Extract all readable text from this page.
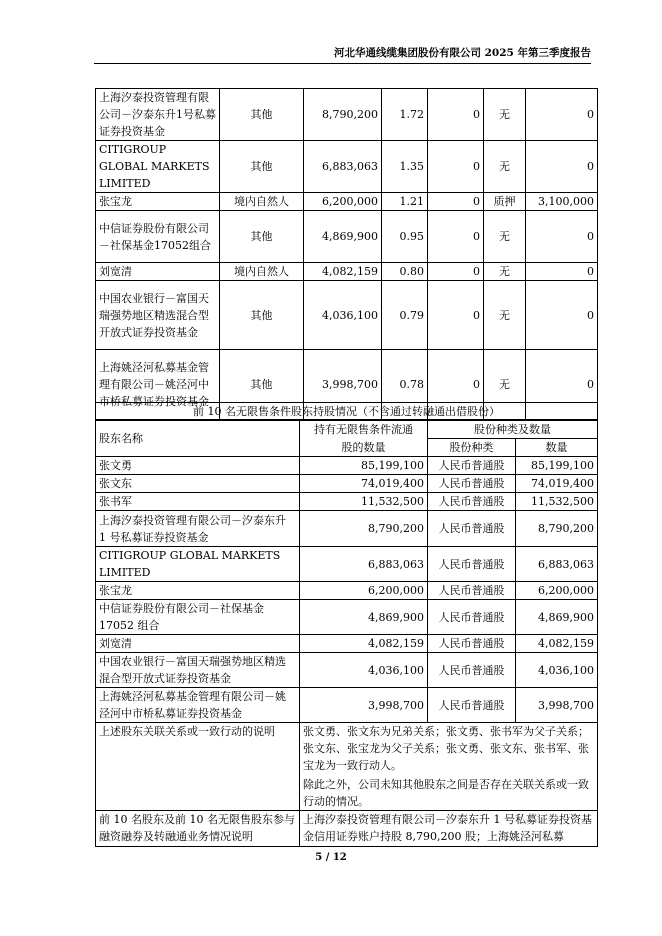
河北华通线缆集团股份有限公司 2025 年第三季度报告
上海汐泰投资管理有限公司－汐泰东升1号私募证券投资基金	其他	8,790,200	1.72	0	无	0
CITIGROUP GLOBAL MARKETS LIMITED	其他	6,883,063	1.35	0	无	0
张宝龙	境内自然人	6,200,000	1.21	0	质押	3,100,000
中信证券股份有限公司－社保基金17052组合	其他	4,869,900	0.95	0	无	0
刘宽清	境内自然人	4,082,159	0.80	0	无	0
中国农业银行－富国天瑞强势地区精选混合型开放式证券投资基金	其他	4,036,100	0.79	0	无	0
上海姚泾河私募基金管理有限公司－姚泾河中市桥私募证券投资基金	其他	3,998,700	0.78	0	无	0
前 10 名无限售条件股东持股情况（不含通过转融通出借股份）			
股东名称	持有无限售条件流通	股份种类及数量	
	股的数量	股份种类	数量
张文勇	85,199,100	人民币普通股	85,199,100
张文东	74,019,400	人民币普通股	74,019,400
张书军	11,532,500	人民币普通股	11,532,500
上海汐泰投资管理有限公司－汐泰东升 1 号私募证券投资基金	8,790,200	人民币普通股	8,790,200
CITIGROUP GLOBAL MARKETS LIMITED	6,883,063	人民币普通股	6,883,063
张宝龙	6,200,000	人民币普通股	6,200,000
中信证券股份有限公司－社保基金17052 组合	4,869,900	人民币普通股	4,869,900
刘宽清	4,082,159	人民币普通股	4,082,159
中国农业银行－富国天瑞强势地区精选混合型开放式证券投资基金	4,036,100	人民币普通股	4,036,100
上海姚泾河私募基金管理有限公司－姚泾河中市桥私募证券投资基金	3,998,700	人民币普通股	3,998,700
上述股东关联关系或一致行动的说明	张文勇、张文东为兄弟关系；张文勇、张书军为父子关系；张文东、张宝龙为父子关系；张文勇、张文东、张书军、张宝龙为一致行动人。
除此之外，公司未知其他股东之间是否存在关联关系或一致行动的情况。		

前 10 名股东及前 10 名无限售股东参与融资融券及转融通业务情况说明	上海汐泰投资管理有限公司－汐泰东升 1 号私募证券投资基金信用证券账户持股 8,790,200 股；上海姚泾河私募		
5 / 12
